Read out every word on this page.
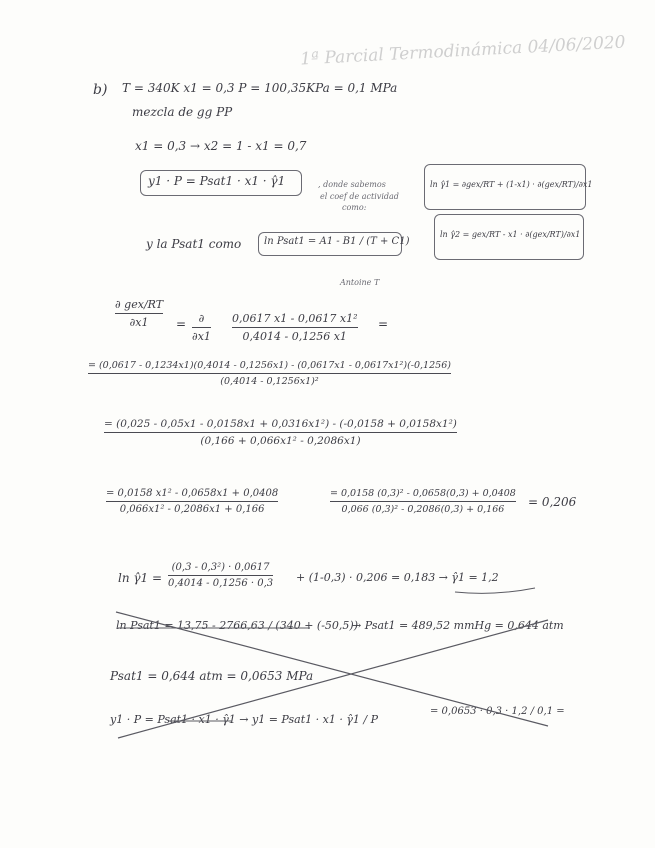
1ª Parcial Termodinámica 04/06/2020
b) T = 340K x1 = 0,3 P = 100,35KPa = 0,1 MPa
mezcla de gg PP
x1 = 0,3 → x2 = 1 - x1 = 0,7
y1 · P = Psat1 · x1 · γ̂1	, donde sabemos
el coef de actividad
como:
ln γ̂1 = ∂gex/RT + (1-x1) · ∂(gex/RT)/∂x1
ln γ̂2 = gex/RT - x1 · ∂(gex/RT)/∂x1
y la Psat1 como ln Psat1 = A1 - B1 / (T + C1)
Antoine T
∂ gex/RT
∂x1 = ∂
∂x1
0,0617 x1 - 0,0617 x1²
0,4014 - 0,1256 x1
=
= (0,0617 - 0,1234x1)(0,4014 - 0,1256x1) - (0,0617x1 - 0,0617x1²)(-0,1256)
(0,4014 - 0,1256x1)²
= (0,025 - 0,05x1 - 0,0158x1 + 0,0316x1²) - (-0,0158 + 0,0158x1²)
(0,166 + 0,066x1² - 0,2086x1)
= 0,0158 x1² - 0,0658x1 + 0,0408
0,066x1² - 0,2086x1 + 0,166
= 0,0158 (0,3)² - 0,0658(0,3) + 0,0408
0,066 (0,3)² - 0,2086(0,3) + 0,166
= 0,206
ln γ̂1 =
(0,3 - 0,3²) · 0,0617
0,4014 - 0,1256 · 0,3 + (1-0,3) · 0,206 = 0,183 → γ̂1 = 1,2
ln Psat1 = 13,75 - 2766,63 / (340 + (-50,5))
→ Psat1 = 489,52 mmHg = 0,644 atm
Psat1 = 0,644 atm = 0,0653 MPa
y1 · P = Psat1 · x1 · γ̂1 → y1 = Psat1 · x1 · γ̂1 / P
= 0,0653 · 0,3 · 1,2 / 0,1 =
